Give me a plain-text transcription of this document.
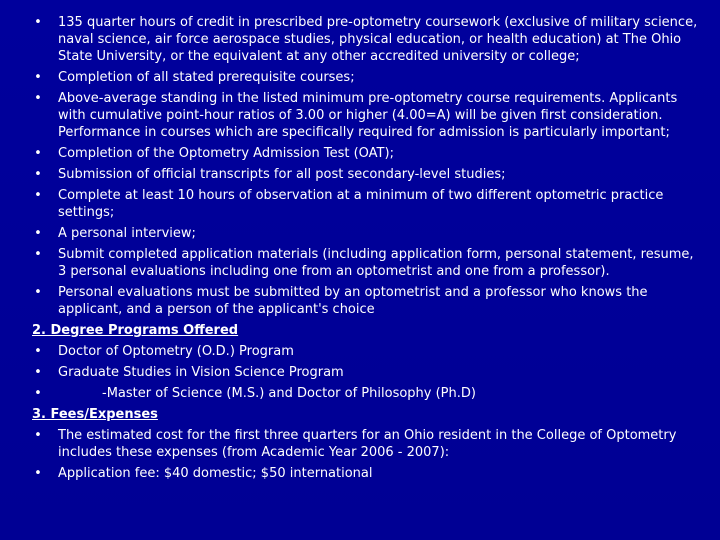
• 135 quarter hours of credit in prescribed pre-optometry coursework (exclusive of military science, naval science, air force aerospace studies, physical education, or health education) at The Ohio State University, or the equivalent at any other accredited university or college;
• Completion of all stated prerequisite courses;
• Above-average standing in the listed minimum pre-optometry course requirements. Applicants with cumulative point-hour ratios of 3.00 or higher (4.00=A) will be given first consideration. Performance in courses which are specifically required for admission is particularly important;
• Completion of the Optometry Admission Test (OAT);
• Submission of official transcripts for all post secondary-level studies;
• Complete at least 10 hours of observation at a minimum of two different optometric practice settings;
• A personal interview;
• Submit completed application materials (including application form, personal statement, resume, 3 personal evaluations including one from an optometrist and one from a professor).
• Personal evaluations must be submitted by an optometrist and a professor who knows the applicant, and a person of the applicant's choice
2. Degree Programs Offered
• Doctor of Optometry (O.D.) Program
• Graduate Studies in Vision Science Program
•	-Master of Science (M.S.) and Doctor of Philosophy (Ph.D)
3. Fees/Expenses
• The estimated cost for the first three quarters for an Ohio resident in the College of Optometry includes these expenses (from Academic Year 2006 - 2007):
• Application fee: $40 domestic; $50 international
